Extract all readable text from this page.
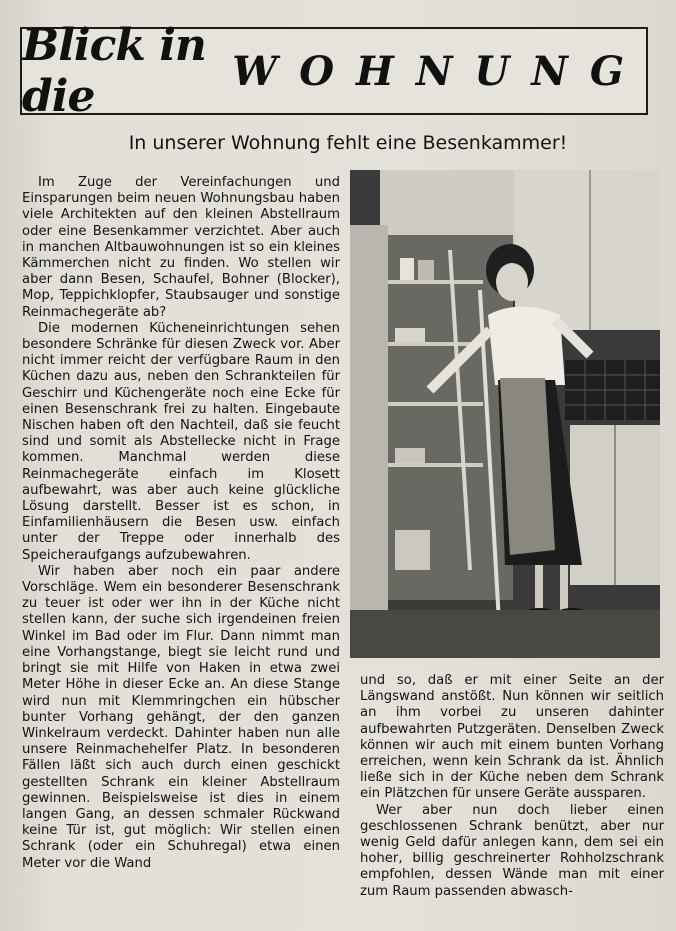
Blick in die	WOHNUNG
In unserer Wohnung fehlt eine Besenkammer!

Im Zuge der Vereinfachungen und Einsparungen beim neuen Wohnungsbau haben viele Architekten auf den kleinen Abstellraum oder eine Besenkammer verzichtet. Aber auch in manchen Altbauwohnungen ist so ein kleines Kämmerchen nicht zu finden. Wo stellen wir aber dann Besen, Schaufel, Bohner (Blocker), Mop, Teppichklopfer, Staubsauger und sonstige Reinmachegeräte ab?

Die modernen Kücheneinrichtungen sehen besondere Schränke für diesen Zweck vor. Aber nicht immer reicht der verfügbare Raum in den Küchen dazu aus, neben den Schrankteilen für Geschirr und Küchengeräte noch eine Ecke für einen Besenschrank frei zu halten. Eingebaute Nischen haben oft den Nachteil, daß sie feucht sind und somit als Abstellecke nicht in Frage kommen. Manchmal werden diese Reinmachegeräte einfach im Klosett aufbewahrt, was aber auch keine glückliche Lösung darstellt. Besser ist es schon, in Einfamilienhäusern die Besen usw. einfach unter der Treppe oder innerhalb des Speicheraufgangs aufzubewahren.

Wir haben aber noch ein paar andere Vorschläge. Wem ein besonderer Besenschrank zu teuer ist oder wer ihn in der Küche nicht stellen kann, der suche sich irgendeinen freien Winkel im Bad oder im Flur. Dann nimmt man eine Vorhangstange, biegt sie leicht rund und bringt sie mit Hilfe von Haken in etwa zwei Meter Höhe in dieser Ecke an. An diese Stange wird nun mit Klemmringchen ein hübscher bunter Vorhang gehängt, der den ganzen Winkelraum verdeckt. Dahinter haben nun alle unsere Reinmachehelfer Platz. In besonderen Fällen läßt sich auch durch einen geschickt gestellten Schrank ein kleiner Abstellraum gewinnen. Beispielsweise ist dies in einem langen Gang, an dessen schmaler Rückwand keine Tür ist, gut möglich: Wir stellen einen Schrank (oder ein Schuhregal) etwa einen Meter vor die Wand

und so, daß er mit einer Seite an der Längswand anstößt. Nun können wir seitlich an ihm vorbei zu unseren dahinter aufbewahrten Putzgeräten. Denselben Zweck können wir auch mit einem bunten Vorhang erreichen, wenn kein Schrank da ist. Ähnlich ließe sich in der Küche neben dem Schrank ein Plätzchen für unsere Geräte aussparen.

Wer aber nun doch lieber einen geschlossenen Schrank benützt, aber nur wenig Geld dafür anlegen kann, dem sei ein hoher, billig geschreinerter Rohholzschrank empfohlen, dessen Wände man mit einer zum Raum passenden abwasch-
